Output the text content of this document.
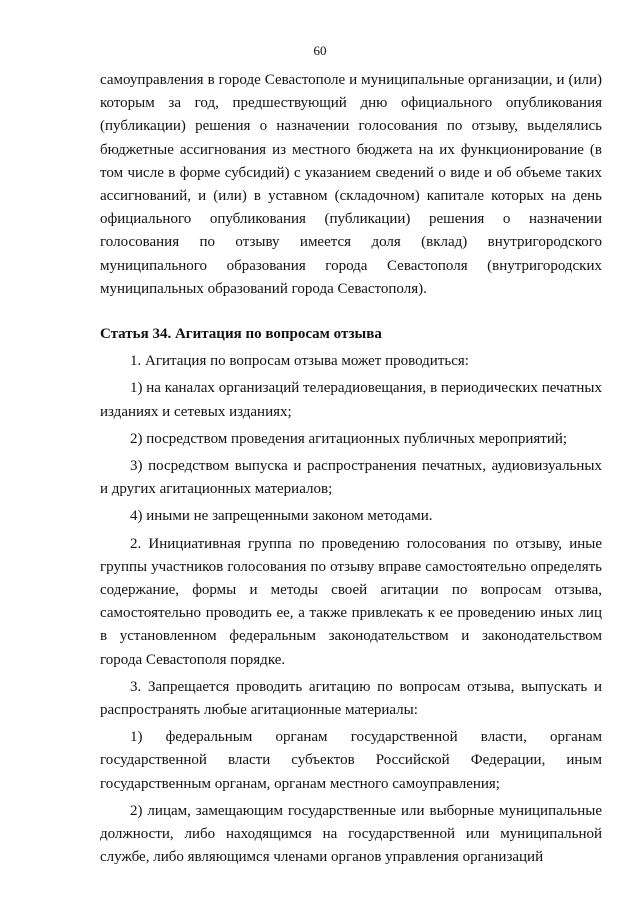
60

самоуправления в городе Севастополе и муниципальные организации, и (или) которым за год, предшествующий дню официального опубликования (публикации) решения о назначении голосования по отзыву, выделялись бюджетные ассигнования из местного бюджета на их функционирование (в том числе в форме субсидий) с указанием сведений о виде и об объеме таких ассигнований, и (или) в уставном (складочном) капитале которых на день официального опубликования (публикации) решения о назначении голосования по отзыву имеется доля (вклад) внутригородского муниципального образования города Севастополя (внутригородских муниципальных образований города Севастополя).

Статья 34. Агитация по вопросам отзыва

1. Агитация по вопросам отзыва может проводиться:

1) на каналах организаций телерадиовещания, в периодических печатных изданиях и сетевых изданиях;

2) посредством проведения агитационных публичных мероприятий;

3) посредством выпуска и распространения печатных, аудиовизуальных и других агитационных материалов;

4) иными не запрещенными законом методами.

2. Инициативная группа по проведению голосования по отзыву, иные группы участников голосования по отзыву вправе самостоятельно определять содержание, формы и методы своей агитации по вопросам отзыва, самостоятельно проводить ее, а также привлекать к ее проведению иных лиц в установленном федеральным законодательством и законодательством города Севастополя порядке.

3. Запрещается проводить агитацию по вопросам отзыва, выпускать и распространять любые агитационные материалы:

1) федеральным органам государственной власти, органам государственной власти субъектов Российской Федерации, иным государственным органам, органам местного самоуправления;

2) лицам, замещающим государственные или выборные муниципальные должности, либо находящимся на государственной или муниципальной службе, либо являющимся членами органов управления организаций
